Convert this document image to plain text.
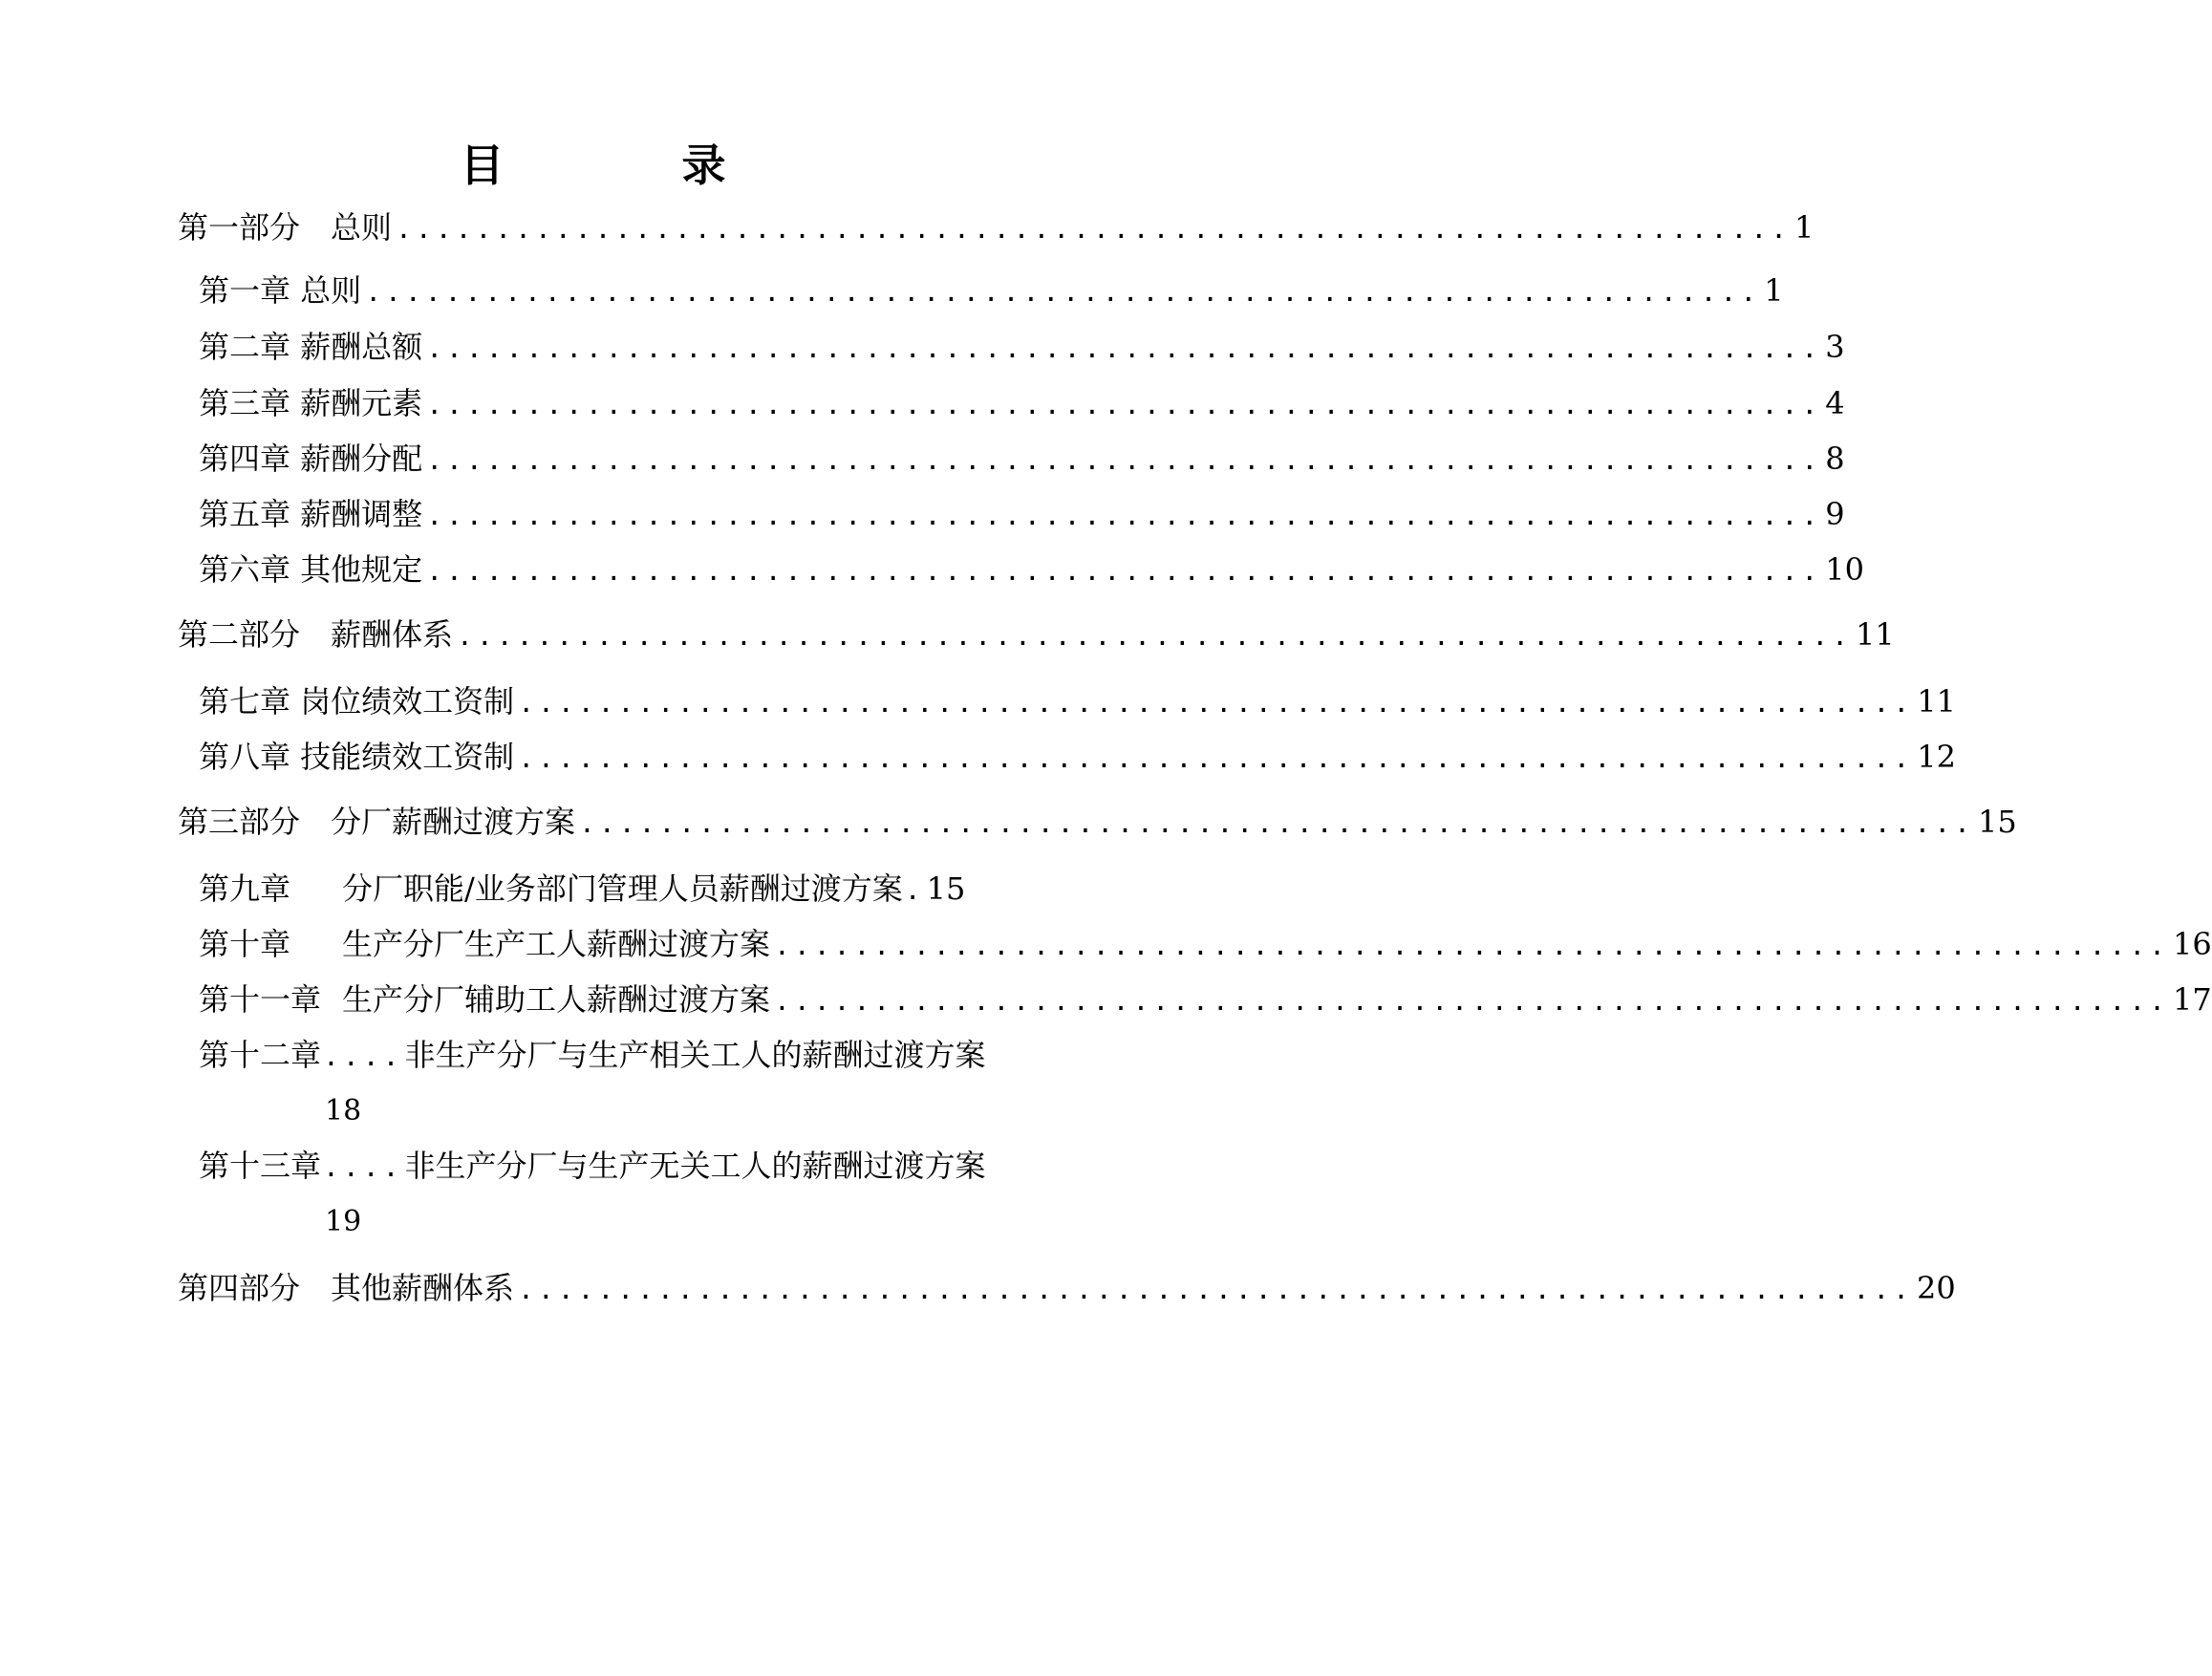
目　录
第一部分　总则 ...................................................................... 1
第一章 总则 ...................................................................... 1
第二章 薪酬总额 ...................................................................... 3
第三章 薪酬元素 ...................................................................... 4
第四章 薪酬分配 ...................................................................... 8
第五章 薪酬调整 ...................................................................... 9
第六章 其他规定 ...................................................................... 10
第二部分　薪酬体系 ...................................................................... 11
第七章 岗位绩效工资制 ...................................................................... 11
第八章 技能绩效工资制 ...................................................................... 12
第三部分　分厂薪酬过渡方案 ...................................................................... 15
第九章	分厂职能/业务部门管理人员薪酬过渡方案 . 15
第十章	生产分厂生产工人薪酬过渡方案 ...................................................................... 16
第十一章 生产分厂辅助工人薪酬过渡方案 ...................................................................... 17
第十二章 .... 非生产分厂与生产相关工人的薪酬过渡方案
18
第十三章 .... 非生产分厂与生产无关工人的薪酬过渡方案
19
第四部分　其他薪酬体系 ...................................................................... 20
